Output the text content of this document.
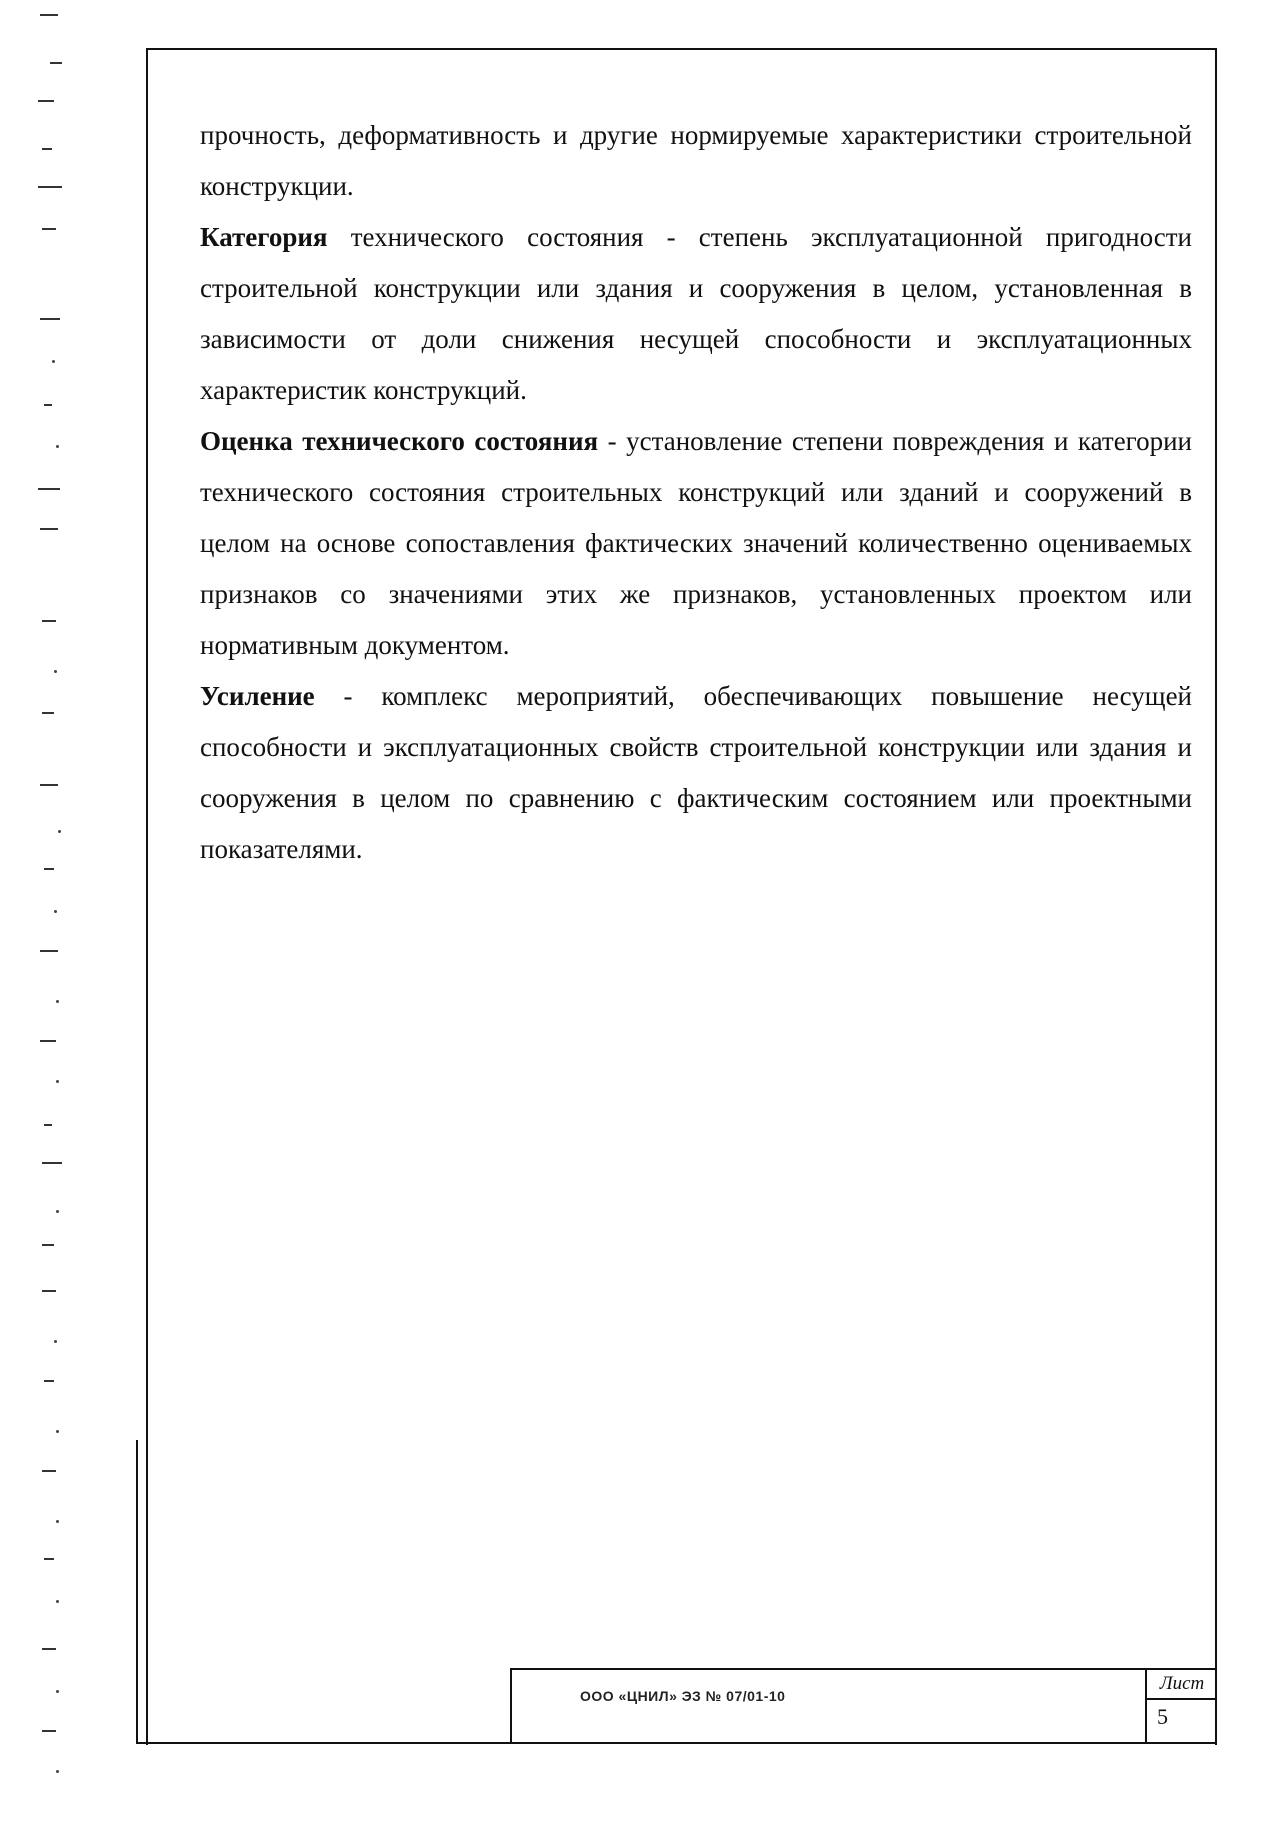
прочность, деформативность и другие нормируемые характеристики строительной конструкции.

Категория технического состояния - степень эксплуатационной пригодности строительной конструкции или здания и сооружения в целом, установленная в зависимости от доли снижения несущей способности и эксплуатационных характеристик конструкций.

Оценка технического состояния - установление степени повреждения и категории технического состояния строительных конструкций или зданий и сооружений в целом на основе сопоставления фактических значений количественно оцениваемых признаков со значениями этих же признаков, установленных проектом или нормативным документом.

Усиление - комплекс мероприятий, обеспечивающих повышение несущей способности и эксплуатационных свойств строительной конструкции или здания и сооружения в целом по сравнению с фактическим состоянием или проектными показателями.

ООО «ЦНИЛ» ЭЗ № 07/01-10
Лист
5
